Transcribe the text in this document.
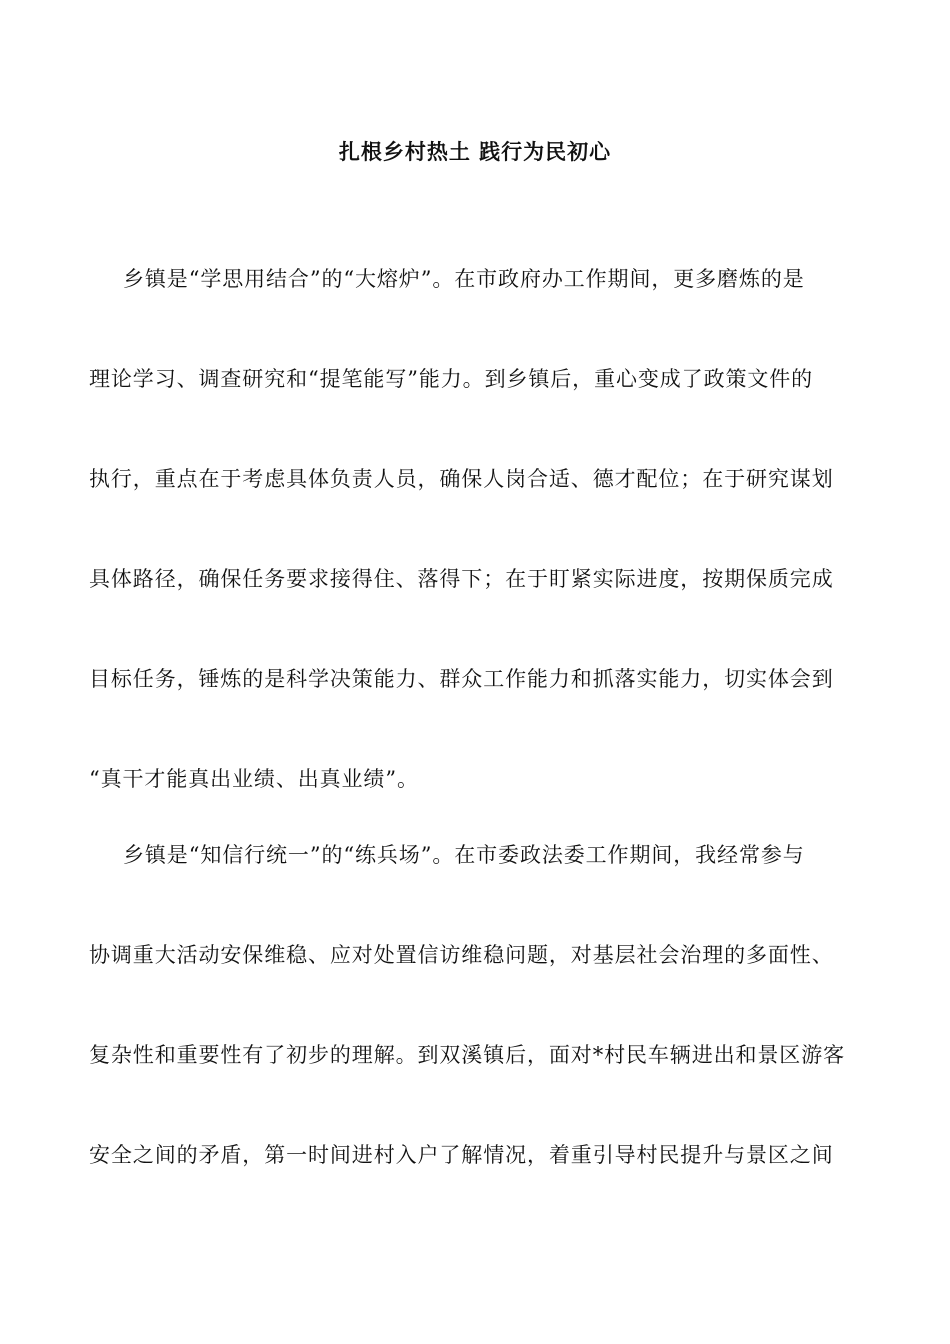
扎根乡村热土 践行为民初心

乡镇是“学思用结合”的“大熔炉”。在市政府办工作期间，更多磨炼的是

理论学习、调查研究和“提笔能写”能力。到乡镇后，重心变成了政策文件的

执行，重点在于考虑具体负责人员，确保人岗合适、德才配位；在于研究谋划

具体路径，确保任务要求接得住、落得下；在于盯紧实际进度，按期保质完成

目标任务，锤炼的是科学决策能力、群众工作能力和抓落实能力，切实体会到

“真干才能真出业绩、出真业绩”。

乡镇是“知信行统一”的“练兵场”。在市委政法委工作期间，我经常参与

协调重大活动安保维稳、应对处置信访维稳问题，对基层社会治理的多面性、

复杂性和重要性有了初步的理解。到双溪镇后，面对*村民车辆进出和景区游客

安全之间的矛盾，第一时间进村入户了解情况，着重引导村民提升与景区之间
